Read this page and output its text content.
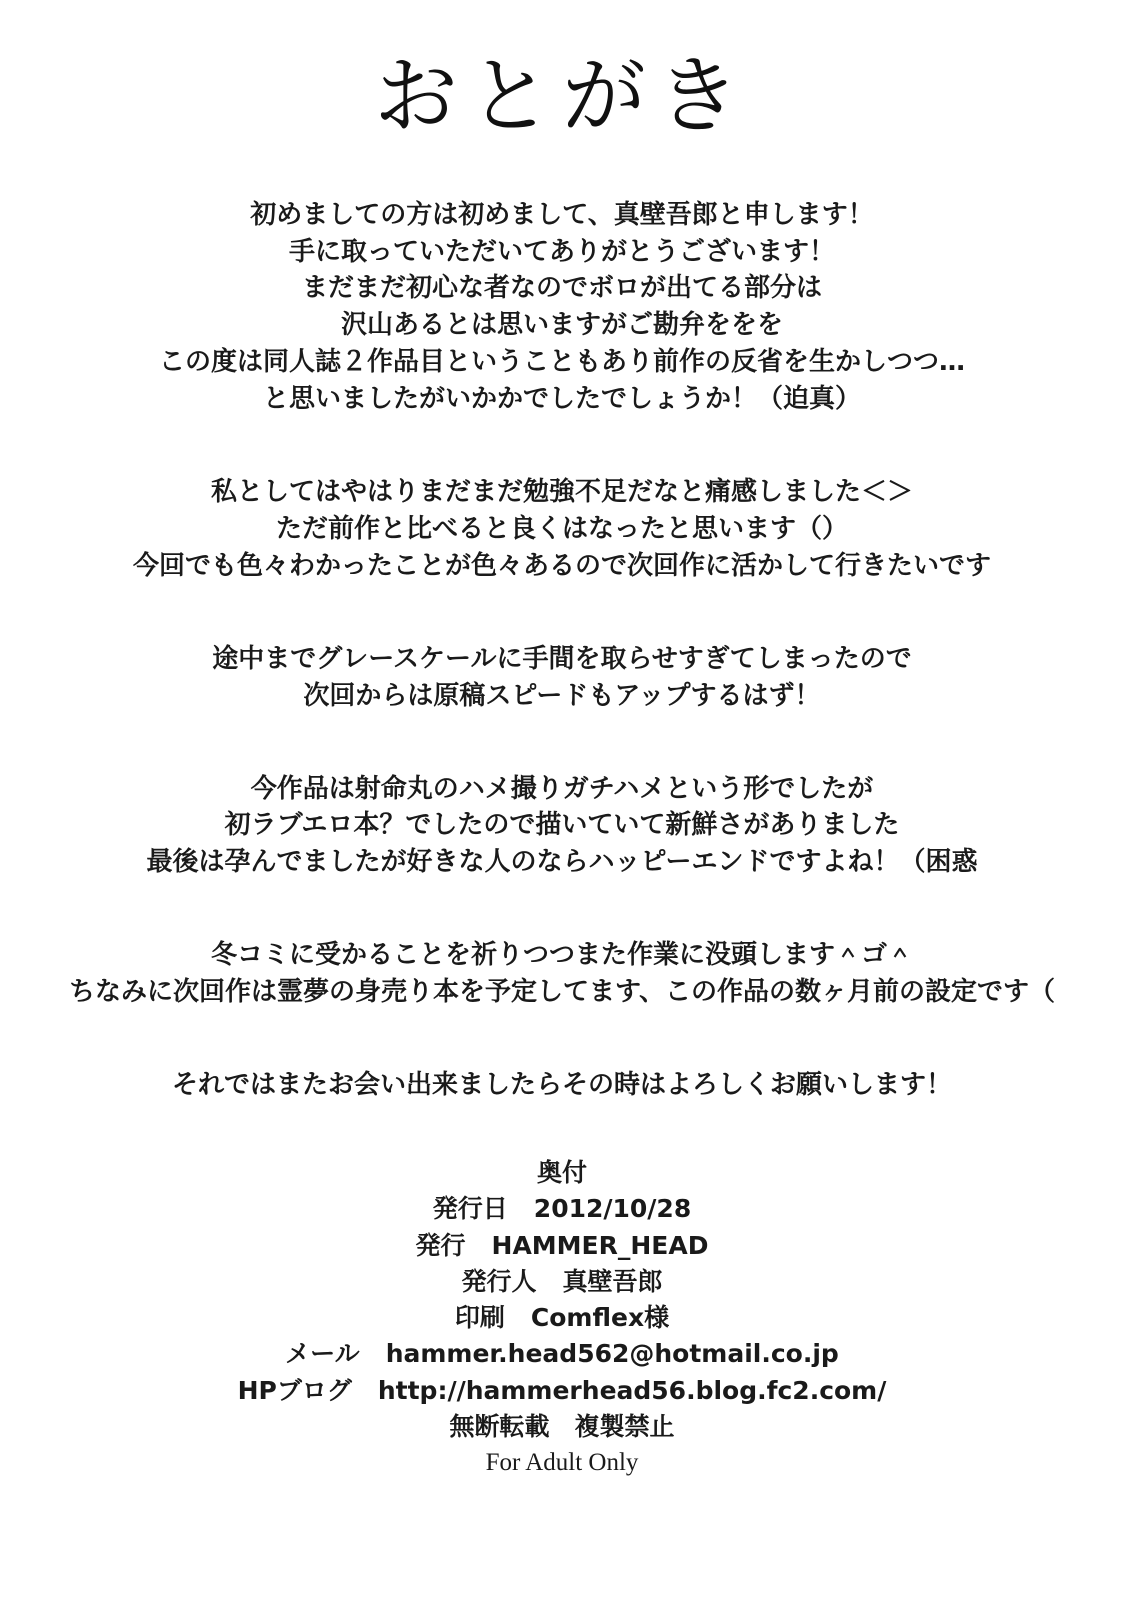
おとがき
初めましての方は初めまして、真壁吾郎と申します！
手に取っていただいてありがとうございます！
まだまだ初心な者なのでボロが出てる部分は
沢山あるとは思いますがご勘弁ををを
この度は同人誌２作品目ということもあり前作の反省を生かしつつ…
と思いましたがいかかでしたでしょうか！（迫真）
私としてはやはりまだまだ勉強不足だなと痛感しました＜＞
ただ前作と比べると良くはなったと思います（）
今回でも色々わかったことが色々あるので次回作に活かして行きたいです
途中までグレースケールに手間を取らせすぎてしまったので
次回からは原稿スピードもアップするはず！
今作品は射命丸のハメ撮りガチハメという形でしたが
初ラブエロ本？でしたので描いていて新鮮さがありました
最後は孕んでましたが好きな人のならハッピーエンドですよね！（困惑
冬コミに受かることを祈りつつまた作業に没頭します＾ゴ＾
ちなみに次回作は霊夢の身売り本を予定してます、この作品の数ヶ月前の設定です（
それではまたお会い出来ましたらその時はよろしくお願いします！
奥付
発行日 2012/10/28
発行 HAMMER_HEAD
発行人 真壁吾郎
印刷 Comflex様
メール hammer.head562@hotmail.co.jp
HPブログ http://hammerhead56.blog.fc2.com/
無断転載　複製禁止
For Adult Only
